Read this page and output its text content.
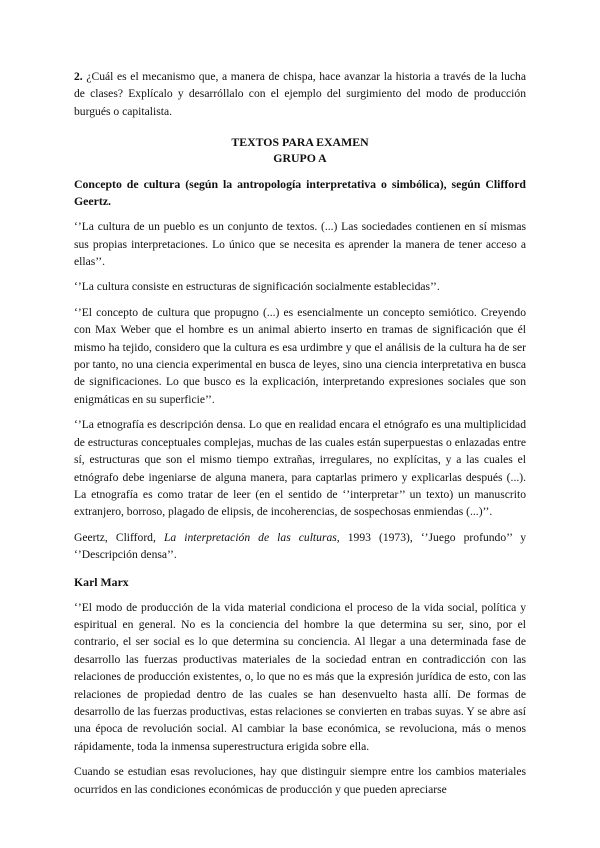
2. ¿Cuál es el mecanismo que, a manera de chispa, hace avanzar la historia a través de la lucha de clases? Explícalo y desarróllalo con el ejemplo del surgimiento del modo de producción burgués o capitalista.

TEXTOS PARA EXAMEN
GRUPO A

Concepto de cultura (según la antropología interpretativa o simbólica), según Clifford Geertz.

‘’La cultura de un pueblo es un conjunto de textos. (...) Las sociedades contienen en sí mismas sus propias interpretaciones. Lo único que se necesita es aprender la manera de tener acceso a ellas’’.

‘’La cultura consiste en estructuras de significación socialmente establecidas’’.

‘’El concepto de cultura que propugno (...) es esencialmente un concepto semiótico. Creyendo con Max Weber que el hombre es un animal abierto inserto en tramas de significación que él mismo ha tejido, considero que la cultura es esa urdimbre y que el análisis de la cultura ha de ser por tanto, no una ciencia experimental en busca de leyes, sino una ciencia interpretativa en busca de significaciones. Lo que busco es la explicación, interpretando expresiones sociales que son enigmáticas en su superficie’’.

‘’La etnografía es descripción densa. Lo que en realidad encara el etnógrafo es una multiplicidad de estructuras conceptuales complejas, muchas de las cuales están superpuestas o enlazadas entre sí, estructuras que son el mismo tiempo extrañas, irregulares, no explícitas, y a las cuales el etnógrafo debe ingeniarse de alguna manera, para captarlas primero y explicarlas después (...). La etnografía es como tratar de leer (en el sentido de ‘’interpretar’’ un texto) un manuscrito extranjero, borroso, plagado de elipsis, de incoherencias, de sospechosas enmiendas (...)’’.

Geertz, Clifford, La interpretación de las culturas, 1993 (1973), ‘’Juego profundo’’ y ‘’Descripción densa’’.

Karl Marx

‘’El modo de producción de la vida material condiciona el proceso de la vida social, política y espiritual en general. No es la conciencia del hombre la que determina su ser, sino, por el contrario, el ser social es lo que determina su conciencia. Al llegar a una determinada fase de desarrollo las fuerzas productivas materiales de la sociedad entran en contradicción con las relaciones de producción existentes, o, lo que no es más que la expresión jurídica de esto, con las relaciones de propiedad dentro de las cuales se han desenvuelto hasta allí. De formas de desarrollo de las fuerzas productivas, estas relaciones se convierten en trabas suyas. Y se abre así una época de revolución social. Al cambiar la base económica, se revoluciona, más o menos rápidamente, toda la inmensa superestructura erigida sobre ella.

Cuando se estudian esas revoluciones, hay que distinguir siempre entre los cambios materiales ocurridos en las condiciones económicas de producción y que pueden apreciarse
